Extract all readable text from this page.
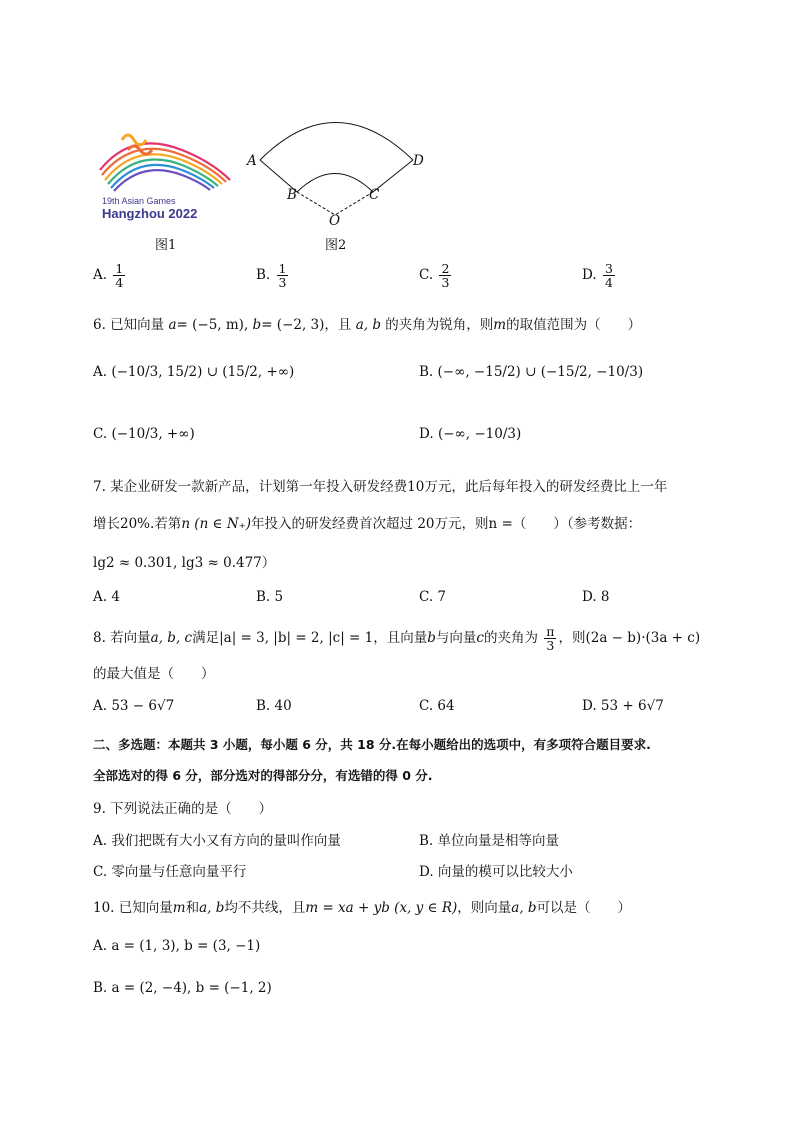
19th Asian Games
Hangzhou 2022
图1
A	D
B	C
O
图2
A. $\frac{1}{4}$	B. $\frac{1}{3}$	C. $\frac{2}{3}$	D. $\frac{3}{4}$
6. 已知向量 a= (−5, m), b= (−2, 3)，且 a, b 的夹角为锐角，则m的取值范围为（　　）
A. (−10/3, 15/2) ∪ (15/2, +∞)	B. (−∞, −15/2) ∪ (−15/2, −10/3)
C. (−10/3, +∞)	D. (−∞, −10/3)
7. 某企业研发一款新产品，计划第一年投入研发经费10万元，此后每年投入的研发经费比上一年
增长20%.若第n (n ∈ N₊)年投入的研发经费首次超过 20万元，则n =（　　）（参考数据：
lg2 ≈ 0.301, lg3 ≈ 0.477）
A. 4	B. 5	C. 7	D. 8
8. 若向量a, b, c满足|a| = 3, |b| = 2, |c| = 1，且向量b与向量c的夹角为 $\frac{\pi}{3}$ ，则(2a − b)·(3a + c)
的最大值是（　　）
A. 53 − 6√7	B. 40	C. 64	D. 53 + 6√7
二、多选题：本题共 3 小题，每小题 6 分，共 18 分.在每小题给出的选项中，有多项符合题目要求.
全部选对的得 6 分，部分选对的得部分分，有选错的得 0 分.
9. 下列说法正确的是（　　）
A. 我们把既有大小又有方向的量叫作向量	B. 单位向量是相等向量
C. 零向量与任意向量平行	D. 向量的模可以比较大小
10. 已知向量m和a, b均不共线，且m = xa + yb (x, y ∈ R)，则向量a, b可以是（　　）
A. a = (1, 3), b = (3, −1)
B. a = (2, −4), b = (−1, 2)
